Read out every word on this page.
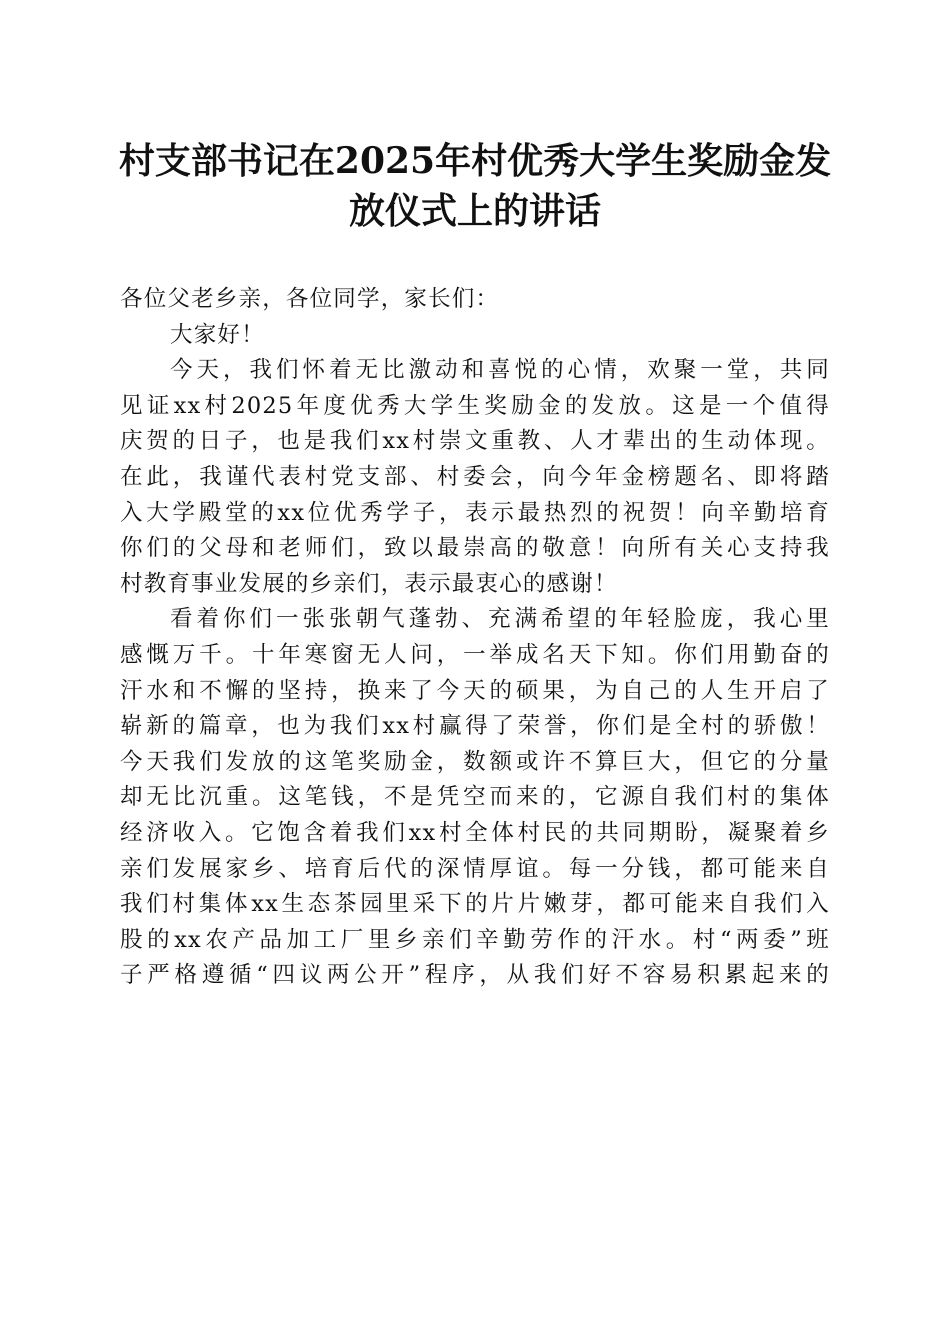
村支部书记在2025年村优秀大学生奖励金发
放仪式上的讲话
各位父老乡亲，各位同学，家长们：
大家好！
今天，我们怀着无比激动和喜悦的心情，欢聚一堂，共同
见证xx村2025年度优秀大学生奖励金的发放。这是一个值得
庆贺的日子，也是我们xx村崇文重教、人才辈出的生动体现。
在此，我谨代表村党支部、村委会，向今年金榜题名、即将踏
入大学殿堂的xx位优秀学子，表示最热烈的祝贺！向辛勤培育
你们的父母和老师们，致以最崇高的敬意！向所有关心支持我
村教育事业发展的乡亲们，表示最衷心的感谢！
看着你们一张张朝气蓬勃、充满希望的年轻脸庞，我心里
感慨万千。十年寒窗无人问，一举成名天下知。你们用勤奋的
汗水和不懈的坚持，换来了今天的硕果，为自己的人生开启了
崭新的篇章，也为我们xx村赢得了荣誉，你们是全村的骄傲！
今天我们发放的这笔奖励金，数额或许不算巨大，但它的分量
却无比沉重。这笔钱，不是凭空而来的，它源自我们村的集体
经济收入。它饱含着我们xx村全体村民的共同期盼，凝聚着乡
亲们发展家乡、培育后代的深情厚谊。每一分钱，都可能来自
我们村集体xx生态茶园里采下的片片嫩芽，都可能来自我们入
股的xx农产品加工厂里乡亲们辛勤劳作的汗水。村“两委”班
子严格遵循“四议两公开”程序，从我们好不容易积累起来的
